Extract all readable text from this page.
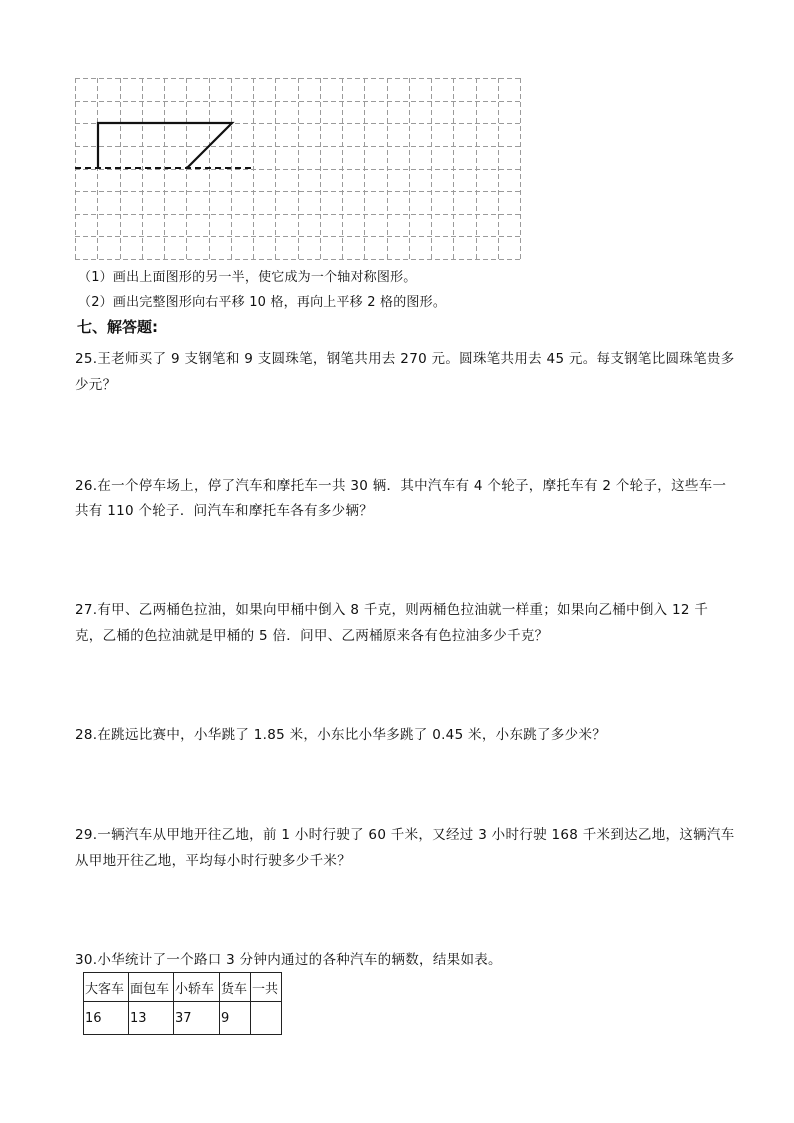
（1）画出上面图形的另一半，使它成为一个轴对称图形。
（2）画出完整图形向右平移 10 格，再向上平移 2 格的图形。
七、解答题:
25.王老师买了 9 支钢笔和 9 支圆珠笔，钢笔共用去 270 元。圆珠笔共用去 45 元。每支钢笔比圆珠笔贵多
少元？
26.在一个停车场上，停了汽车和摩托车一共 30 辆．其中汽车有 4 个轮子，摩托车有 2 个轮子，这些车一
共有 110 个轮子．问汽车和摩托车各有多少辆？
27.有甲、乙两桶色拉油，如果向甲桶中倒入 8 千克，则两桶色拉油就一样重；如果向乙桶中倒入 12 千
克，乙桶的色拉油就是甲桶的 5 倍．问甲、乙两桶原来各有色拉油多少千克？
28.在跳远比赛中，小华跳了 1.85 米，小东比小华多跳了 0.45 米，小东跳了多少米？
29.一辆汽车从甲地开往乙地，前 1 小时行驶了 60 千米，又经过 3 小时行驶 168 千米到达乙地，这辆汽车
从甲地开往乙地，平均每小时行驶多少千米？
30.小华统计了一个路口 3 分钟内通过的各种汽车的辆数，结果如表。
大客车	面包车	小轿车	货车	一共
16	13	37	9	
